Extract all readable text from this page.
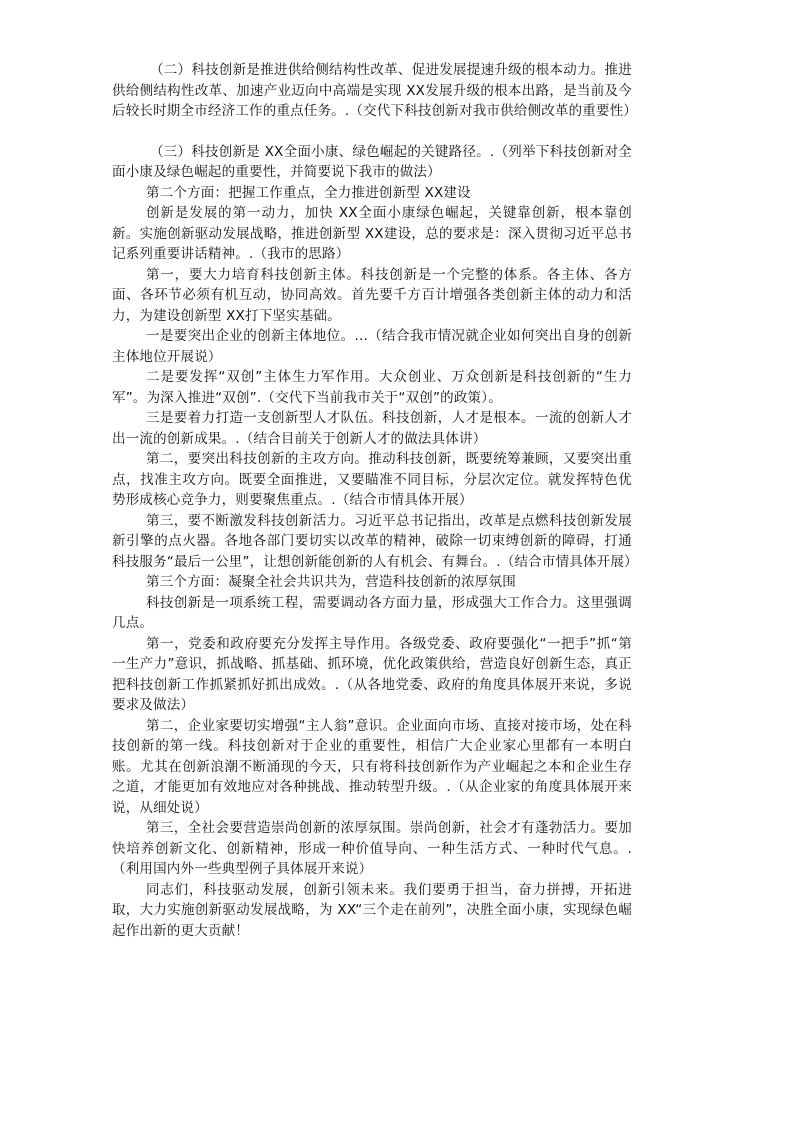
（二）科技创新是推进供给侧结构性改革、促进发展提速升级的根本动力。推进供给侧结构性改革、加速产业迈向中高端是实现 XX发展升级的根本出路，是当前及今后较长时期全市经济工作的重点任务。.（交代下科技创新对我市供给侧改革的重要性）

（三）科技创新是 XX全面小康、绿色崛起的关键路径。.（列举下科技创新对全面小康及绿色崛起的重要性，并简要说下我市的做法）

第二个方面：把握工作重点，全力推进创新型 XX建设

创新是发展的第一动力，加快 XX全面小康绿色崛起，关键靠创新，根本靠创新。实施创新驱动发展战略，推进创新型 XX建设，总的要求是：深入贯彻习近平总书记系列重要讲话精神。.（我市的思路）

第一，要大力培育科技创新主体。科技创新是一个完整的体系。各主体、各方面、各环节必须有机互动，协同高效。首先要千方百计增强各类创新主体的动力和活力，为建设创新型 XX打下坚实基础。

一是要突出企业的创新主体地位。...（结合我市情况就企业如何突出自身的创新主体地位开展说）

二是要发挥“双创”主体生力军作用。大众创业、万众创新是科技创新的“生力军”。为深入推进“双创”.（交代下当前我市关于“双创”的政策）。

三是要着力打造一支创新型人才队伍。科技创新，人才是根本。一流的创新人才出一流的创新成果。.（结合目前关于创新人才的做法具体讲）

第二，要突出科技创新的主攻方向。推动科技创新，既要统筹兼顾，又要突出重点，找准主攻方向。既要全面推进，又要瞄准不同目标，分层次定位。就发挥特色优势形成核心竞争力，则要聚焦重点。.（结合市情具体开展）

第三，要不断激发科技创新活力。习近平总书记指出，改革是点燃科技创新发展新引擎的点火器。各地各部门要切实以改革的精神，破除一切束缚创新的障碍，打通科技服务“最后一公里”，让想创新能创新的人有机会、有舞台。.（结合市情具体开展）

第三个方面：凝聚全社会共识共为，营造科技创新的浓厚氛围

科技创新是一项系统工程，需要调动各方面力量，形成强大工作合力。这里强调几点。

第一，党委和政府要充分发挥主导作用。各级党委、政府要强化“一把手”抓“第一生产力”意识，抓战略、抓基础、抓环境，优化政策供给，营造良好创新生态，真正把科技创新工作抓紧抓好抓出成效。.（从各地党委、政府的角度具体展开来说，多说要求及做法）

第二，企业家要切实增强“主人翁”意识。企业面向市场、直接对接市场，处在科技创新的第一线。科技创新对于企业的重要性，相信广大企业家心里都有一本明白账。尤其在创新浪潮不断涌现的今天，只有将科技创新作为产业崛起之本和企业生存之道，才能更加有效地应对各种挑战、推动转型升级。.（从企业家的角度具体展开来说，从细处说）

第三，全社会要营造崇尚创新的浓厚氛围。崇尚创新，社会才有蓬勃活力。要加快培养创新文化、创新精神，形成一种价值导向、一种生活方式、一种时代气息。.（利用国内外一些典型例子具体展开来说）

同志们，科技驱动发展，创新引领未来。我们要勇于担当，奋力拼搏，开拓进取，大力实施创新驱动发展战略，为 XX“三个走在前列”，决胜全面小康，实现绿色崛起作出新的更大贡献！
